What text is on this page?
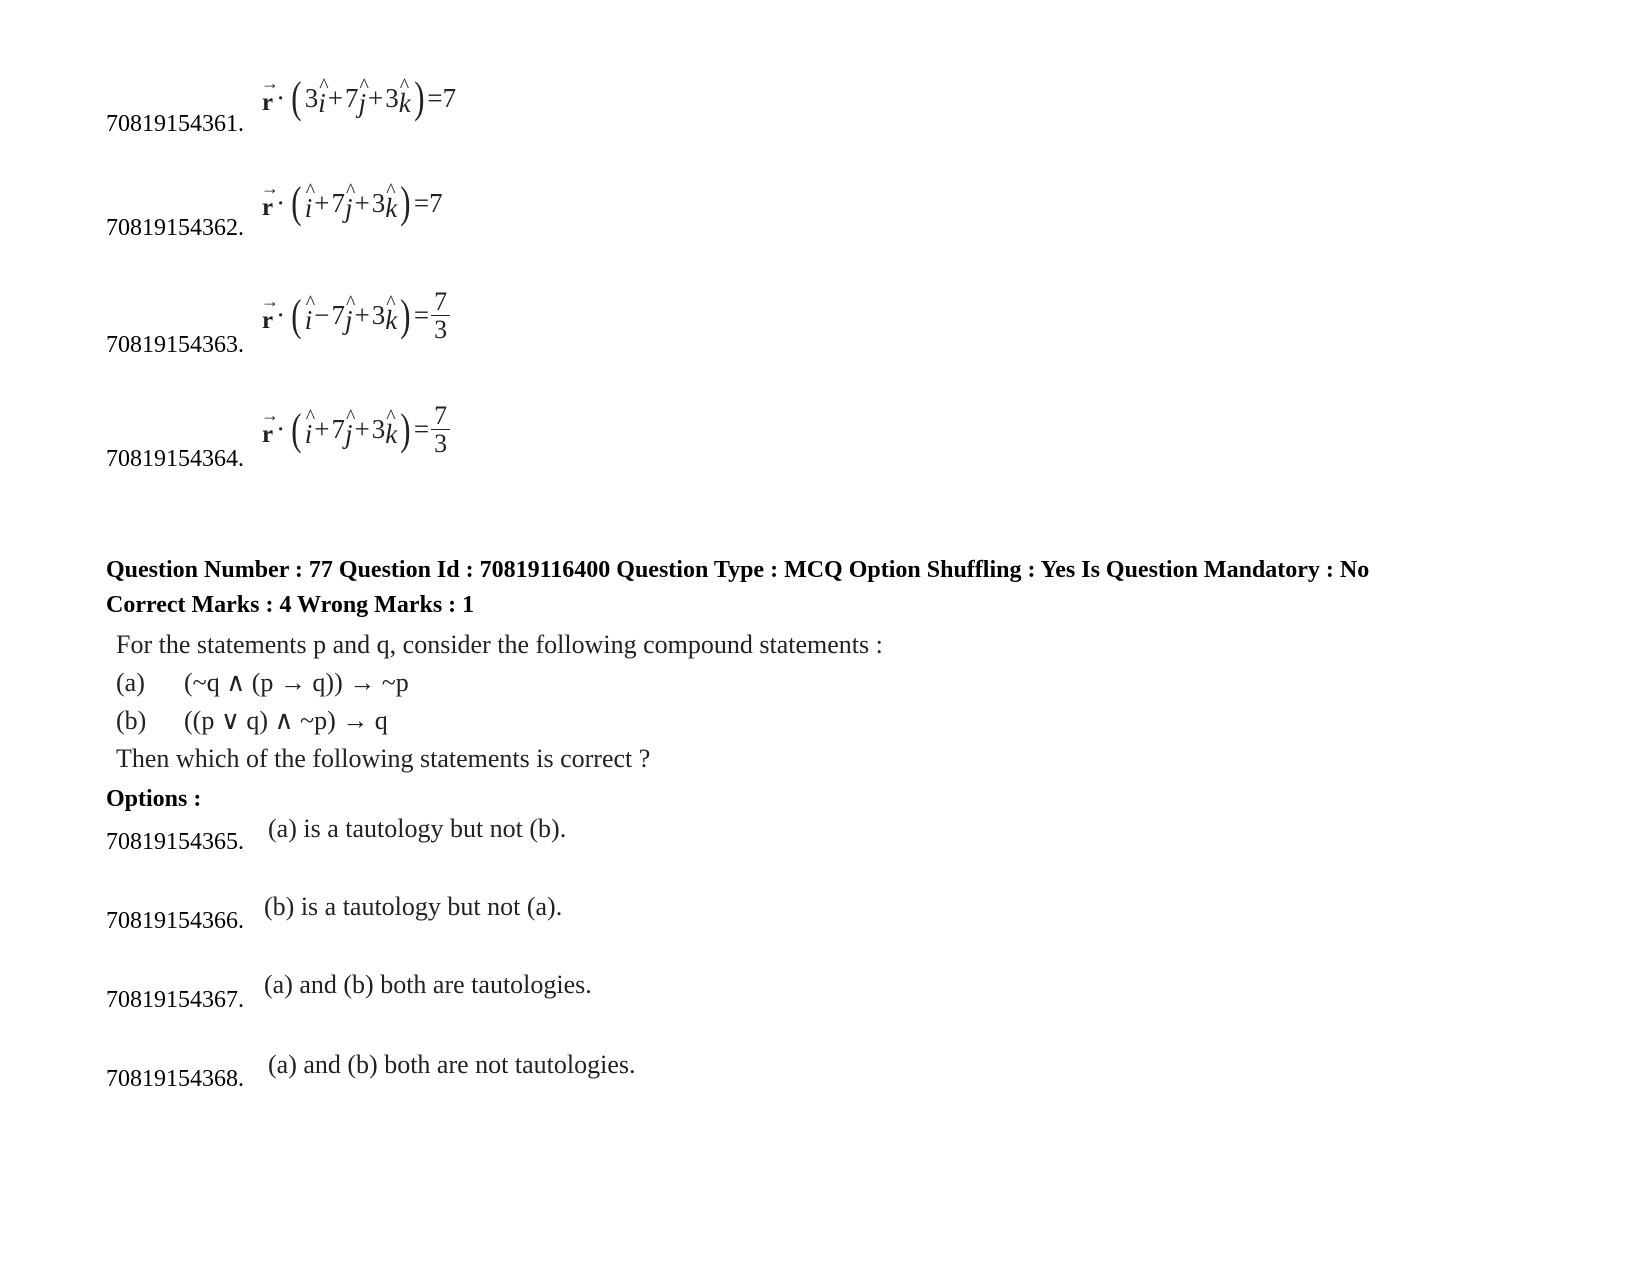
70819154361.
→ r · ( 3 ^ i + 7 ^ j + 3 ^ k ) = 7
70819154362.
→ r · ( ^ i + 7 ^ j + 3 ^ k ) = 7
70819154363.
→ r · ( ^ i − 7 ^ j + 3 ^ k ) = $\frac{7}{3}$
70819154364.
→ r · ( ^ i + 7 ^ j + 3 ^ k ) = $\frac{7}{3}$
Question Number : 77 Question Id : 70819116400 Question Type : MCQ Option Shuffling : Yes Is Question Mandatory : No
Correct Marks : 4 Wrong Marks : 1
For the statements p and q, consider the following compound statements :
(a) (~q ∧ (p → q)) → ~p
(b) ((p ∨ q) ∧ ~p) → q
Then which of the following statements is correct ?
Options :
70819154365. (a) is a tautology but not (b).
70819154366. (b) is a tautology but not (a).
70819154367.
(a) and (b) both are tautologies.
70819154368. (a) and (b) both are not tautologies.
